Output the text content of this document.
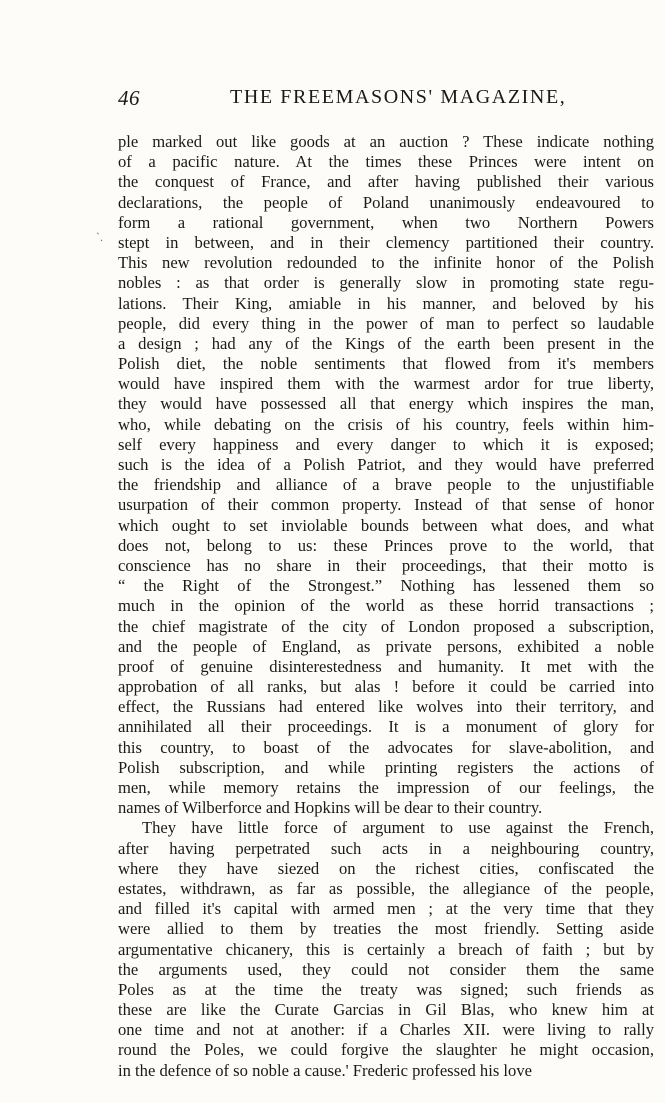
46	THE FREEMASONS' MAGAZINE,
ˋ.
ple marked out like goods at an auction ? These indicate nothing
of a pacific nature. At the times these Princes were intent on
the conquest of France, and after having published their various
declarations, the people of Poland unanimously endeavoured to
form a rational government, when two Northern Powers
stept in between, and in their clemency partitioned their country.
This new revolution redounded to the infinite honor of the Polish
nobles : as that order is generally slow in promoting state regu-
lations. Their King, amiable in his manner, and beloved by his
people, did every thing in the power of man to perfect so laudable
a design ; had any of the Kings of the earth been present in the
Polish diet, the noble sentiments that flowed from it's members
would have inspired them with the warmest ardor for true liberty,
they would have possessed all that energy which inspires the man,
who, while debating on the crisis of his country, feels within him-
self every happiness and every danger to which it is exposed;
such is the idea of a Polish Patriot, and they would have preferred
the friendship and alliance of a brave people to the unjustifiable
usurpation of their common property. Instead of that sense of honor
which ought to set inviolable bounds between what does, and what
does not, belong to us: these Princes prove to the world, that
conscience has no share in their proceedings, that their motto is
“ the Right of the Strongest.” Nothing has lessened them so
much in the opinion of the world as these horrid transactions ;
the chief magistrate of the city of London proposed a subscription,
and the people of England, as private persons, exhibited a noble
proof of genuine disinterestedness and humanity. It met with the
approbation of all ranks, but alas ! before it could be carried into
effect, the Russians had entered like wolves into their territory, and
annihilated all their proceedings. It is a monument of glory for
this country, to boast of the advocates for slave-abolition, and
Polish subscription, and while printing registers the actions of
men, while memory retains the impression of our feelings, the
names of Wilberforce and Hopkins will be dear to their country.
They have little force of argument to use against the French,
after having perpetrated such acts in a neighbouring country,
where they have siezed on the richest cities, confiscated the
estates, withdrawn, as far as possible, the allegiance of the people,
and filled it's capital with armed men ; at the very time that they
were allied to them by treaties the most friendly. Setting aside
argumentative chicanery, this is certainly a breach of faith ; but by
the arguments used, they could not consider them the same
Poles as at the time the treaty was signed; such friends as
these are like the Curate Garcias in Gil Blas, who knew him at
one time and not at another: if a Charles XII. were living to rally
round the Poles, we could forgive the slaughter he might occasion,
in the defence of so noble a cause.' Frederic professed his love
